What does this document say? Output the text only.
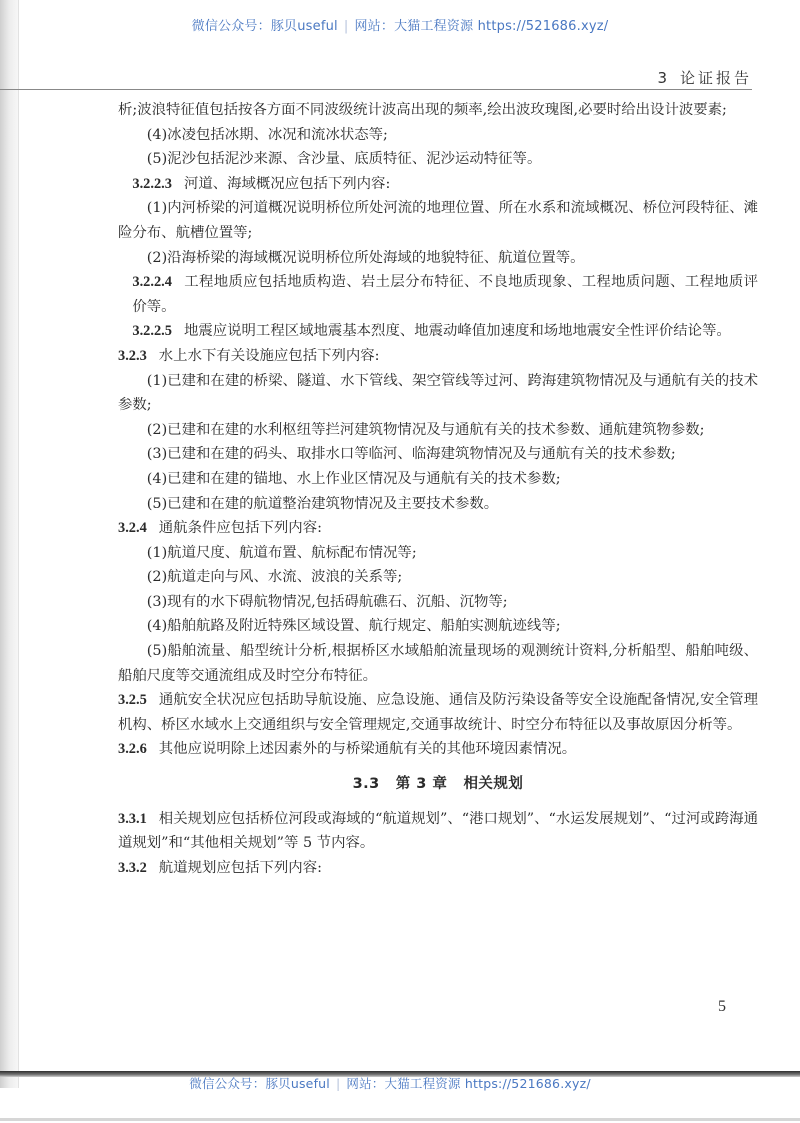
微信公众号：豚贝useful | 网站：大猫工程资源 https://521686.xyz/
3 论证报告

析;波浪特征值包括按各方面不同波级统计波高出现的频率,绘出波玫瑰图,必要时给出设计波要素;

(4)冰凌包括冰期、冰况和流冰状态等;

(5)泥沙包括泥沙来源、含沙量、底质特征、泥沙运动特征等。

3.2.2.3 河道、海域概况应包括下列内容:

(1)内河桥梁的河道概况说明桥位所处河流的地理位置、所在水系和流域概况、桥位河段特征、滩险分布、航槽位置等;

(2)沿海桥梁的海域概况说明桥位所处海域的地貌特征、航道位置等。

3.2.2.4 工程地质应包括地质构造、岩土层分布特征、不良地质现象、工程地质问题、工程地质评价等。

3.2.2.5 地震应说明工程区域地震基本烈度、地震动峰值加速度和场地地震安全性评价结论等。

3.2.3 水上水下有关设施应包括下列内容:

(1)已建和在建的桥梁、隧道、水下管线、架空管线等过河、跨海建筑物情况及与通航有关的技术参数;

(2)已建和在建的水利枢纽等拦河建筑物情况及与通航有关的技术参数、通航建筑物参数;

(3)已建和在建的码头、取排水口等临河、临海建筑物情况及与通航有关的技术参数;

(4)已建和在建的锚地、水上作业区情况及与通航有关的技术参数;

(5)已建和在建的航道整治建筑物情况及主要技术参数。

3.2.4 通航条件应包括下列内容:

(1)航道尺度、航道布置、航标配布情况等;

(2)航道走向与风、水流、波浪的关系等;

(3)现有的水下碍航物情况,包括碍航礁石、沉船、沉物等;

(4)船舶航路及附近特殊区域设置、航行规定、船舶实测航迹线等;

(5)船舶流量、船型统计分析,根据桥区水域船舶流量现场的观测统计资料,分析船型、船舶吨级、船舶尺度等交通流组成及时空分布特征。

3.2.5 通航安全状况应包括助导航设施、应急设施、通信及防污染设备等安全设施配备情况,安全管理机构、桥区水域水上交通组织与安全管理规定,交通事故统计、时空分布特征以及事故原因分析等。

3.2.6 其他应说明除上述因素外的与桥梁通航有关的其他环境因素情况。

3.3 第 3 章 相关规划

3.3.1 相关规划应包括桥位河段或海域的“航道规划”、“港口规划”、“水运发展规划”、“过河或跨海通道规划”和“其他相关规划”等 5 节内容。

3.3.2 航道规划应包括下列内容:

5
微信公众号：豚贝useful | 网站：大猫工程资源 https://521686.xyz/
